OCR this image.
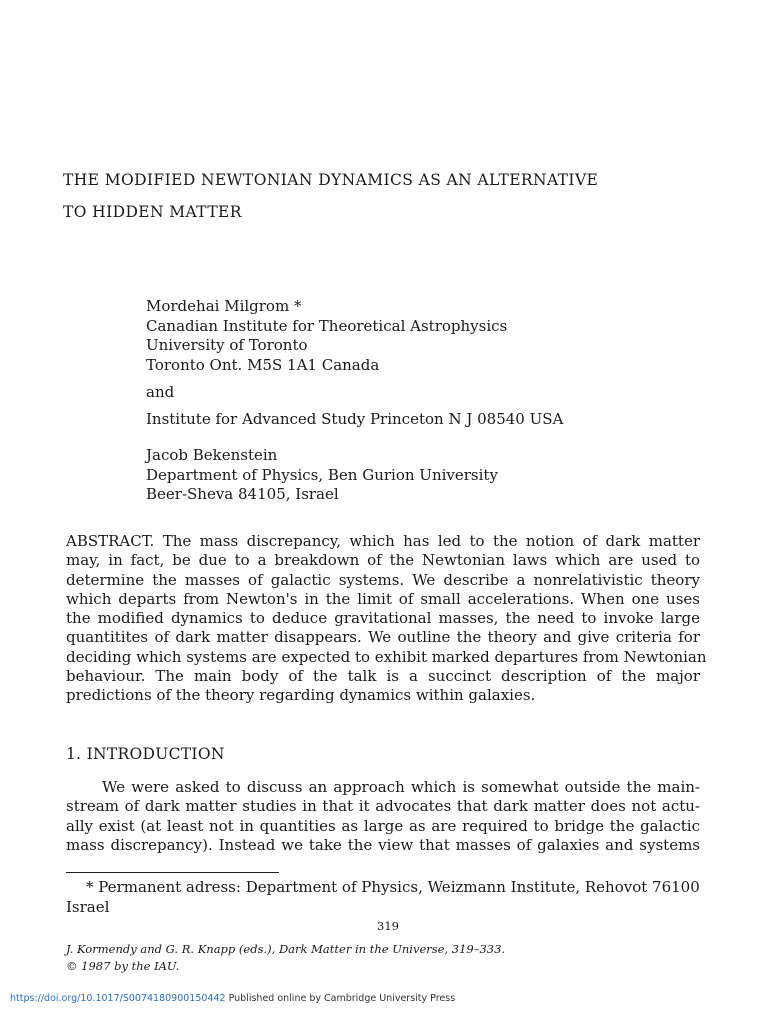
THE MODIFIED NEWTONIAN DYNAMICS AS AN ALTERNATIVE
TO HIDDEN MATTER
Mordehai Milgrom *
Canadian Institute for Theoretical Astrophysics
University of Toronto
Toronto Ont. M5S 1A1 Canada
and
Institute for Advanced Study Princeton N J 08540 USA
Jacob Bekenstein
Department of Physics, Ben Gurion University
Beer-Sheva 84105, Israel
ABSTRACT. The mass discrepancy, which has led to the notion of dark matter
may, in fact, be due to a breakdown of the Newtonian laws which are used to
determine the masses of galactic systems. We describe a nonrelativistic theory
which departs from Newton's in the limit of small accelerations. When one uses
the modified dynamics to deduce gravitational masses, the need to invoke large
quantitites of dark matter disappears. We outline the theory and give criteria for
deciding which systems are expected to exhibit marked departures from Newtonian
behaviour. The main body of the talk is a succinct description of the major
predictions of the theory regarding dynamics within galaxies.
1. INTRODUCTION
We were asked to discuss an approach which is somewhat outside the main-
stream of dark matter studies in that it advocates that dark matter does not actu-
ally exist (at least not in quantities as large as are required to bridge the galactic
mass discrepancy). Instead we take the view that masses of galaxies and systems
* Permanent adress: Department of Physics, Weizmann Institute, Rehovot 76100
Israel
319
J. Kormendy and G. R. Knapp (eds.), Dark Matter in the Universe, 319–333.
© 1987 by the IAU.
https://doi.org/10.1017/S0074180900150442 Published online by Cambridge University Press
